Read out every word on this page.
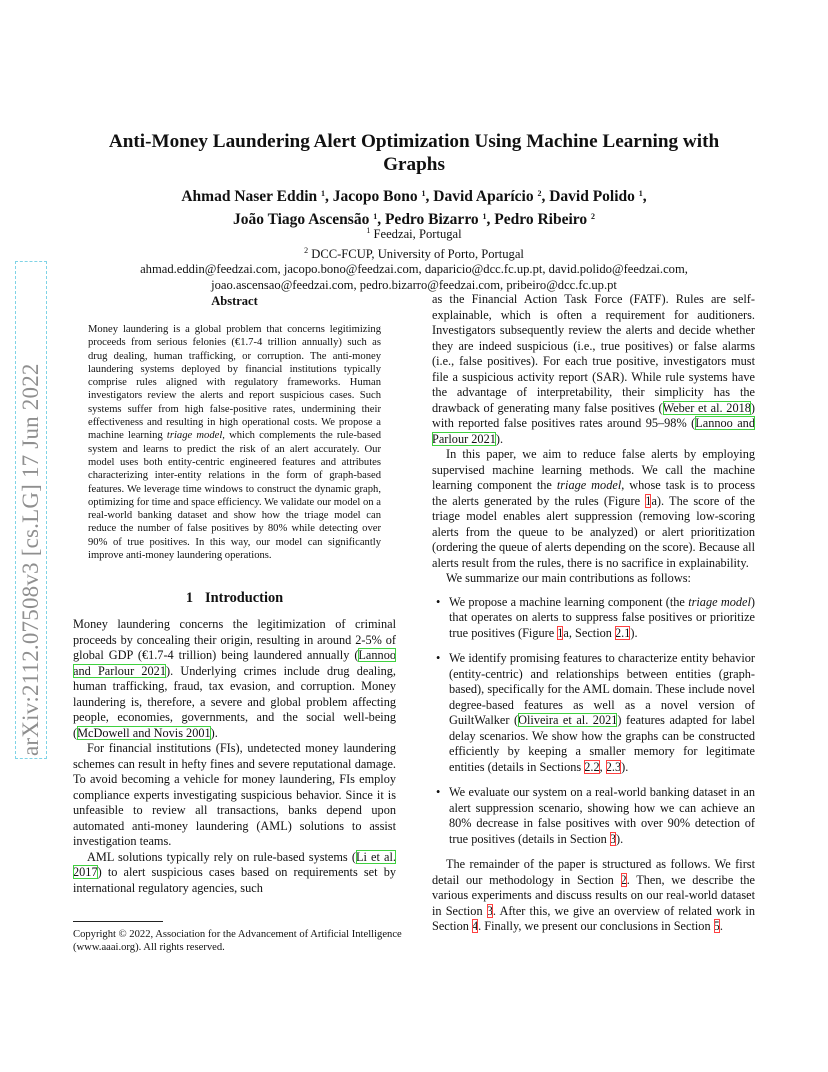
arXiv:2112.07508v3 [cs.LG] 17 Jun 2022
Anti-Money Laundering Alert Optimization Using Machine Learning with Graphs
Ahmad Naser Eddin $^1$, Jacopo Bono $^1$, David Aparício $^2$, David Polido $^1$,
João Tiago Ascensão $^1$, Pedro Bizarro $^1$, Pedro Ribeiro $^2$
$^1$ Feedzai, Portugal
$^2$ DCC-FCUP, University of Porto, Portugal
ahmad.eddin@feedzai.com, jacopo.bono@feedzai.com, daparicio@dcc.fc.up.pt, david.polido@feedzai.com,
joao.ascensao@feedzai.com, pedro.bizarro@feedzai.com, pribeiro@dcc.fc.up.pt
Abstract
Money laundering is a global problem that concerns legitimizing proceeds from serious felonies (€1.7-4 trillion annually) such as drug dealing, human trafficking, or corruption. The anti-money laundering systems deployed by financial institutions typically comprise rules aligned with regulatory frameworks. Human investigators review the alerts and report suspicious cases. Such systems suffer from high false-positive rates, undermining their effectiveness and resulting in high operational costs. We propose a machine learning triage model, which complements the rule-based system and learns to predict the risk of an alert accurately. Our model uses both entity-centric engineered features and attributes characterizing inter-entity relations in the form of graph-based features. We leverage time windows to construct the dynamic graph, optimizing for time and space efficiency. We validate our model on a real-world banking dataset and show how the triage model can reduce the number of false positives by 80% while detecting over 90% of true positives. In this way, our model can significantly improve anti-money laundering operations.
1 Introduction

Money laundering concerns the legitimization of criminal proceeds by concealing their origin, resulting in around 2-5% of global GDP (€1.7-4 trillion) being laundered annually (Lannoo and Parlour 2021). Underlying crimes include drug dealing, human trafficking, fraud, tax evasion, and corruption. Money laundering is, therefore, a severe and global problem affecting people, economies, governments, and the social well-being (McDowell and Novis 2001).

For financial institutions (FIs), undetected money laundering schemes can result in hefty fines and severe reputational damage. To avoid becoming a vehicle for money laundering, FIs employ compliance experts investigating suspicious behavior. Since it is unfeasible to review all transactions, banks depend upon automated anti-money laundering (AML) solutions to assist investigation teams.

AML solutions typically rely on rule-based systems (Li et al. 2017) to alert suspicious cases based on requirements set by international regulatory agencies, such

as the Financial Action Task Force (FATF). Rules are self-explainable, which is often a requirement for auditioners. Investigators subsequently review the alerts and decide whether they are indeed suspicious (i.e., true positives) or false alarms (i.e., false positives). For each true positive, investigators must file a suspicious activity report (SAR). While rule systems have the advantage of interpretability, their simplicity has the drawback of generating many false positives (Weber et al. 2018) with reported false positives rates around 95–98% (Lannoo and Parlour 2021).

In this paper, we aim to reduce false alerts by employing supervised machine learning methods. We call the machine learning component the triage model, whose task is to process the alerts generated by the rules (Figure 1a). The score of the triage model enables alert suppression (removing low-scoring alerts from the queue to be analyzed) or alert prioritization (ordering the queue of alerts depending on the score). Because all alerts result from the rules, there is no sacrifice in explainability.

We summarize our main contributions as follows:

• We propose a machine learning component (the triage model) that operates on alerts to suppress false positives or prioritize true positives (Figure 1a, Section 2.1).
• We identify promising features to characterize entity behavior (entity-centric) and relationships between entities (graph-based), specifically for the AML domain. These include novel degree-based features as well as a novel version of GuiltWalker (Oliveira et al. 2021) features adapted for label delay scenarios. We show how the graphs can be constructed efficiently by keeping a smaller memory for legitimate entities (details in Sections 2.2, 2.3).
• We evaluate our system on a real-world banking dataset in an alert suppression scenario, showing how we can achieve an 80% decrease in false positives with over 90% detection of true positives (details in Section 3).

The remainder of the paper is structured as follows. We first detail our methodology in Section 2. Then, we describe the various experiments and discuss results on our real-world dataset in Section 3. After this, we give an overview of related work in Section 4. Finally, we present our conclusions in Section 5.

Copyright © 2022, Association for the Advancement of Artificial Intelligence (www.aaai.org). All rights reserved.
